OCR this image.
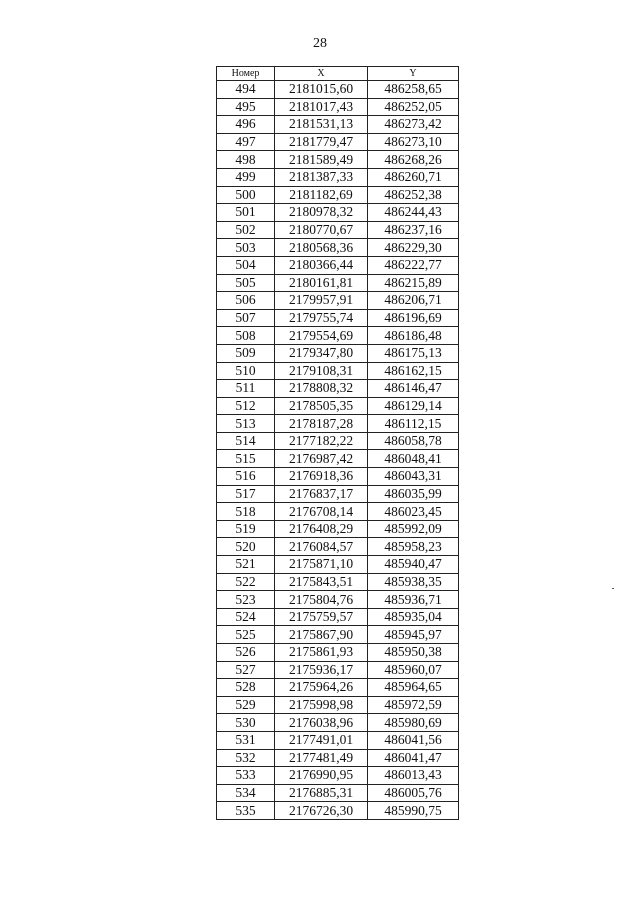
28
Номер	X	Y
494	2181015,60	486258,65
495	2181017,43	486252,05
496	2181531,13	486273,42
497	2181779,47	486273,10
498	2181589,49	486268,26
499	2181387,33	486260,71
500	2181182,69	486252,38
501	2180978,32	486244,43
502	2180770,67	486237,16
503	2180568,36	486229,30
504	2180366,44	486222,77
505	2180161,81	486215,89
506	2179957,91	486206,71
507	2179755,74	486196,69
508	2179554,69	486186,48
509	2179347,80	486175,13
510	2179108,31	486162,15
511	2178808,32	486146,47
512	2178505,35	486129,14
513	2178187,28	486112,15
514	2177182,22	486058,78
515	2176987,42	486048,41
516	2176918,36	486043,31
517	2176837,17	486035,99
518	2176708,14	486023,45
519	2176408,29	485992,09
520	2176084,57	485958,23
521	2175871,10	485940,47
522	2175843,51	485938,35
523	2175804,76	485936,71
524	2175759,57	485935,04
525	2175867,90	485945,97
526	2175861,93	485950,38
527	2175936,17	485960,07
528	2175964,26	485964,65
529	2175998,98	485972,59
530	2176038,96	485980,69
531	2177491,01	486041,56
532	2177481,49	486041,47
533	2176990,95	486013,43
534	2176885,31	486005,76
535	2176726,30	485990,75
